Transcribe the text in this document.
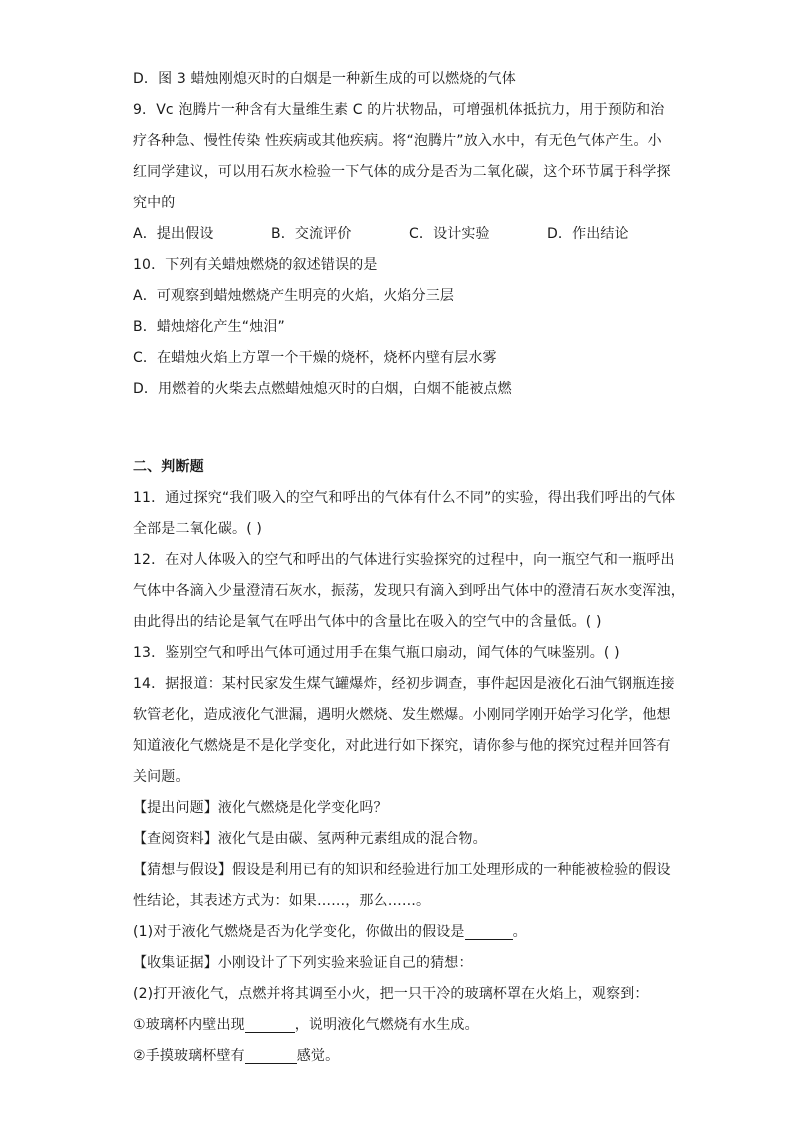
D．图 3 蜡烛刚熄灭时的白烟是一种新生成的可以燃烧的气体
9．Vc 泡腾片一种含有大量维生素 C 的片状物品，可增强机体抵抗力，用于预防和治
疗各种急、慢性传染 性疾病或其他疾病。将“泡腾片”放入水中，有无色气体产生。小
红同学建议，可以用石灰水检验一下气体的成分是否为二氧化碳，这个环节属于科学探
究中的
A．提出假设	B．交流评价	C．设计实验	D．作出结论
10．下列有关蜡烛燃烧的叙述错误的是
A．可观察到蜡烛燃烧产生明亮的火焰，火焰分三层
B．蜡烛熔化产生“烛泪”
C．在蜡烛火焰上方罩一个干燥的烧杯，烧杯内壁有层水雾
D．用燃着的火柴去点燃蜡烛熄灭时的白烟，白烟不能被点燃
二、判断题
11．通过探究“我们吸入的空气和呼出的气体有什么不同”的实验，得出我们呼出的气体
全部是二氧化碳。( )
12．在对人体吸入的空气和呼出的气体进行实验探究的过程中，向一瓶空气和一瓶呼出
气体中各滴入少量澄清石灰水，振荡，发现只有滴入到呼出气体中的澄清石灰水变浑浊，
由此得出的结论是氧气在呼出气体中的含量比在吸入的空气中的含量低。( )
13．鉴别空气和呼出气体可通过用手在集气瓶口扇动，闻气体的气味鉴别。( )
14．据报道：某村民家发生煤气罐爆炸，经初步调查，事件起因是液化石油气钢瓶连接
软管老化，造成液化气泄漏，遇明火燃烧、发生燃爆。小刚同学刚开始学习化学，他想
知道液化气燃烧是不是化学变化，对此进行如下探究，请你参与他的探究过程并回答有
关问题。
【提出问题】液化气燃烧是化学变化吗？
【查阅资料】液化气是由碳、氢两种元素组成的混合物。
【猜想与假设】假设是利用已有的知识和经验进行加工处理形成的一种能被检验的假设
性结论，其表述方式为：如果……，那么……。
(1)对于液化气燃烧是否为化学变化，你做出的假设是	。
【收集证据】小刚设计了下列实验来验证自己的猜想：
(2)打开液化气，点燃并将其调至小火，把一只干冷的玻璃杯罩在火焰上，观察到：
①玻璃杯内壁出现	，说明液化气燃烧有水生成。
②手摸玻璃杯壁有	感觉。
